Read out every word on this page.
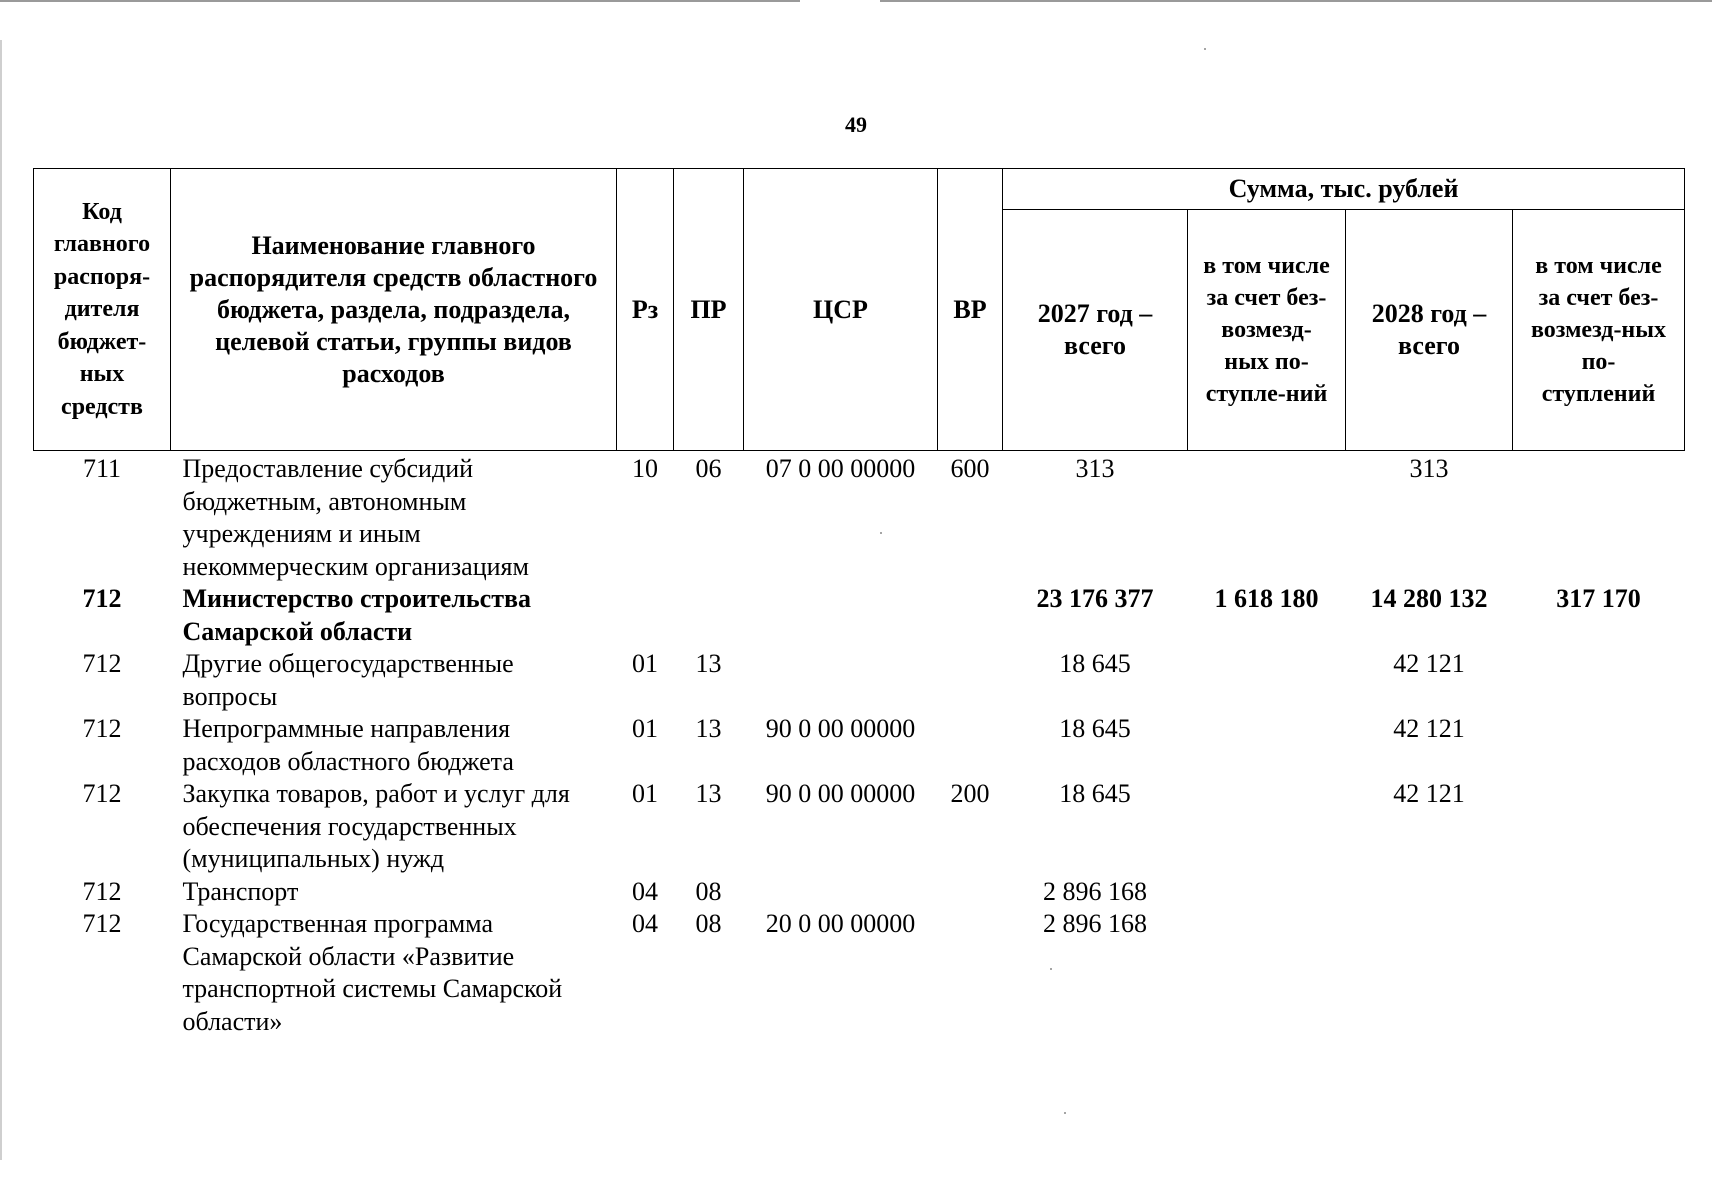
49
Код главного распоря-дителя бюджет-ных средств	Наименование главного распорядителя средств областного бюджета, раздела, подраздела, целевой статьи, группы видов расходов	Рз	ПР	ЦСР	ВР	Сумма, тыс. рублей			
						2027 год – всего	в том числе за счет без-возмезд-ных по-ступле-ний	2028 год – всего	в том числе за счет без-возмезд-ных по-ступлений
711	Предоставление субсидий бюджетным, автономным учреждениям и иным некоммерческим организациям	10	06	07 0 00 00000	600	313		313	
712	Министерство строительства Самарской области					23 176 377	1 618 180	14 280 132	317 170
712	Другие общегосударственные вопросы	01	13			18 645		42 121	
712	Непрограммные направления расходов областного бюджета	01	13	90 0 00 00000		18 645		42 121	
712	Закупка товаров, работ и услуг для обеспечения государственных (муниципальных) нужд	01	13	90 0 00 00000	200	18 645		42 121	
712	Транспорт	04	08			2 896 168			
712	Государственная программа Самарской области «Развитие транспортной системы Самарской области»	04	08	20 0 00 00000		2 896 168			
